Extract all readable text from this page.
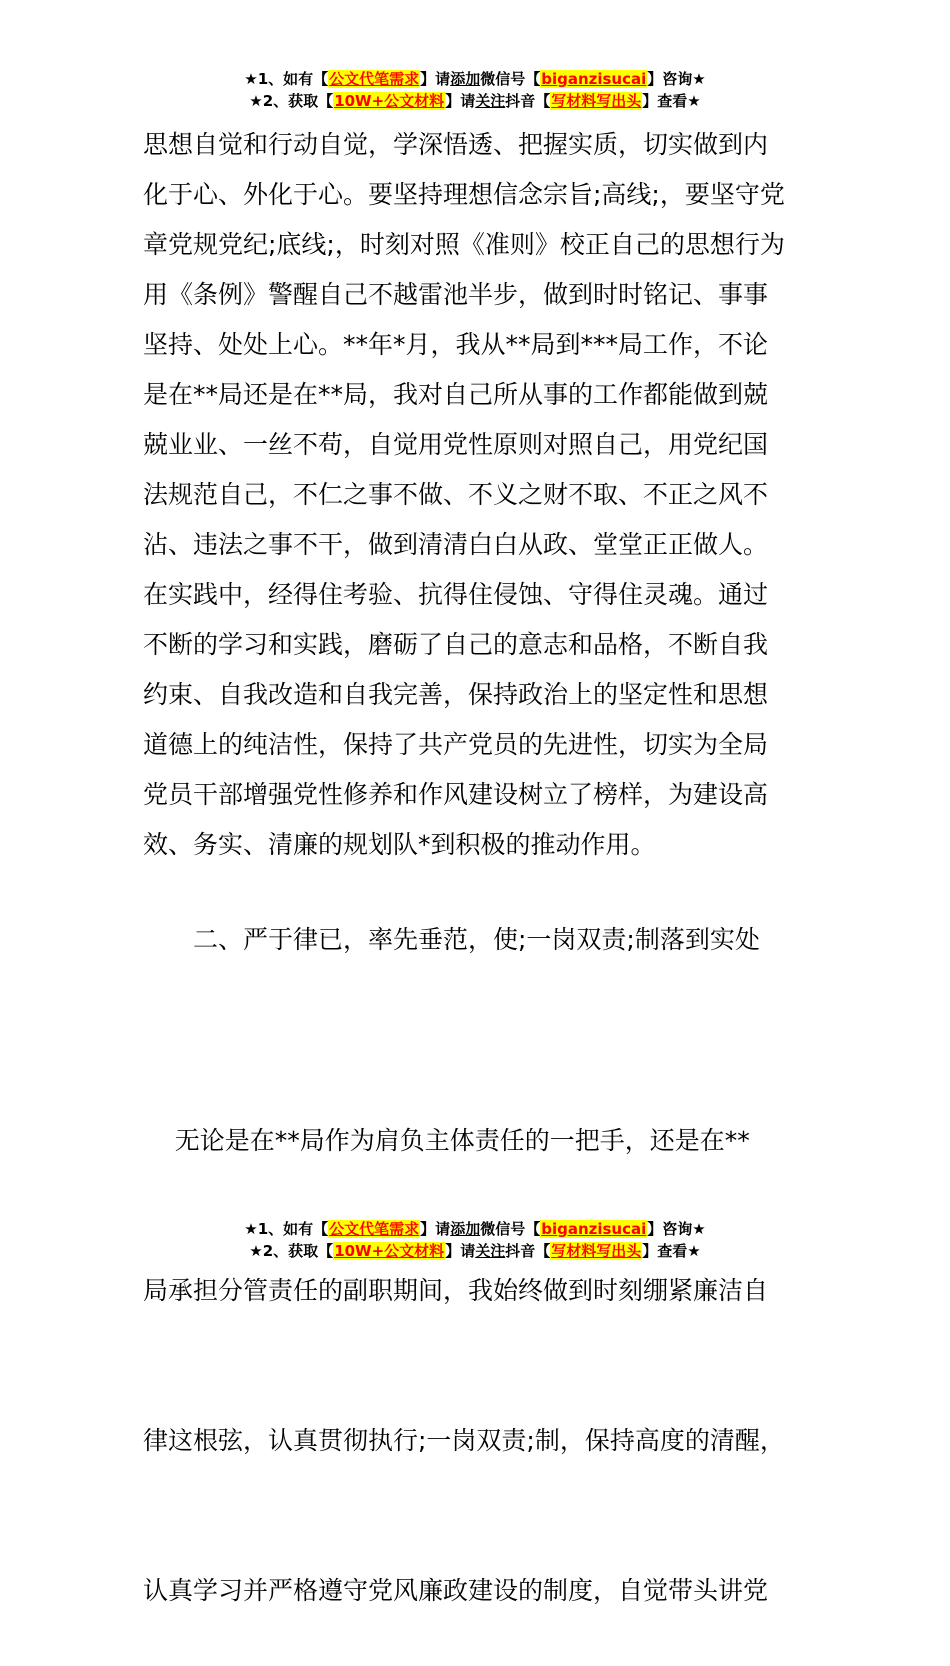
★1、如有【公文代笔需求】请添加微信号【biganzisucai】咨询★
★2、获取【10W+公文材料】请关注抖音【写材料写出头】查看★
思想自觉和行动自觉，学深悟透、把握实质，切实做到内
化于心、外化于心。要坚持理想信念宗旨;高线;，要坚守党
章党规党纪;底线;，时刻对照《准则》校正自己的思想行为
用《条例》警醒自己不越雷池半步，做到时时铭记、事事
坚持、处处上心。**年*月，我从**局到***局工作，不论
是在**局还是在**局，我对自己所从事的工作都能做到兢
兢业业、一丝不苟，自觉用党性原则对照自己，用党纪国
法规范自己，不仁之事不做、不义之财不取、不正之风不
沾、违法之事不干，做到清清白白从政、堂堂正正做人。
在实践中，经得住考验、抗得住侵蚀、守得住灵魂。通过
不断的学习和实践，磨砺了自己的意志和品格，不断自我
约束、自我改造和自我完善，保持政治上的坚定性和思想
道德上的纯洁性，保持了共产党员的先进性，切实为全局
党员干部增强党性修养和作风建设树立了榜样，为建设高
效、务实、清廉的规划队*到积极的推动作用。
二、严于律已，率先垂范，使;一岗双责;制落到实处

无论是在**局作为肩负主体责任的一把手，还是在**

局承担分管责任的副职期间，我始终做到时刻绷紧廉洁自

律这根弦，认真贯彻执行;一岗双责;制，保持高度的清醒，

认真学习并严格遵守党风廉政建设的制度，自觉带头讲党

★1、如有【公文代笔需求】请添加微信号【biganzisucai】咨询★
★2、获取【10W+公文材料】请关注抖音【写材料写出头】查看★
